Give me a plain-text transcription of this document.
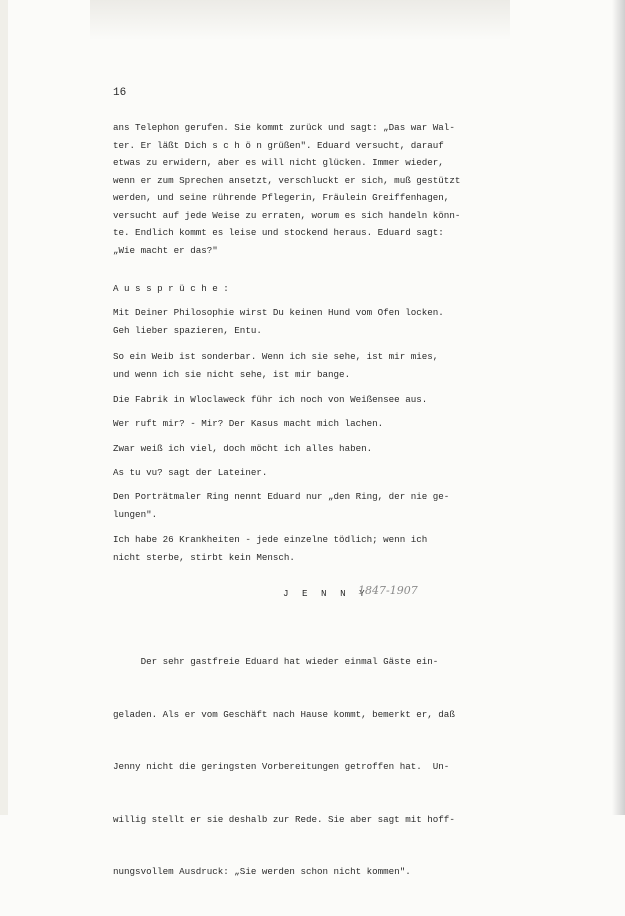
16
ans Telephon gerufen. Sie kommt zurück und sagt: „Das war Wal-
ter. Er läßt Dich s c h ö n grüßen". Eduard versucht, darauf
etwas zu erwidern, aber es will nicht glücken. Immer wieder,
wenn er zum Sprechen ansetzt, verschluckt er sich, muß gestützt
werden, und seine rührende Pflegerin, Fräulein Greiffenhagen,
versucht auf jede Weise zu erraten, worum es sich handeln könn-
te. Endlich kommt es leise und stockend heraus. Eduard sagt:
„Wie macht er das?"
A u s s p r ü c h e :
Mit Deiner Philosophie wirst Du keinen Hund vom Ofen locken.
Geh lieber spazieren, Entu.
So ein Weib ist sonderbar. Wenn ich sie sehe, ist mir mies,
und wenn ich sie nicht sehe, ist mir bange.
Die Fabrik in Wloclaweck führ ich noch von Weißensee aus.
Wer ruft mir? - Mir? Der Kasus macht mich lachen.
Zwar weiß ich viel, doch möcht ich alles haben.
As tu vu? sagt der Lateiner.
Den Porträtmaler Ring nennt Eduard nur „den Ring, der nie ge-
lungen".
Ich habe 26 Krankheiten - jede einzelne tödlich; wenn ich
nicht sterbe, stirbt kein Mensch.
J E N N Y
1847-1907

Der sehr gastfreie Eduard hat wieder einmal Gäste ein-

geladen. Als er vom Geschäft nach Hause kommt, bemerkt er, daß

Jenny nicht die geringsten Vorbereitungen getroffen hat.  Un-

willig stellt er sie deshalb zur Rede. Sie aber sagt mit hoff-

nungsvollem Ausdruck: „Sie werden schon nicht kommen".
